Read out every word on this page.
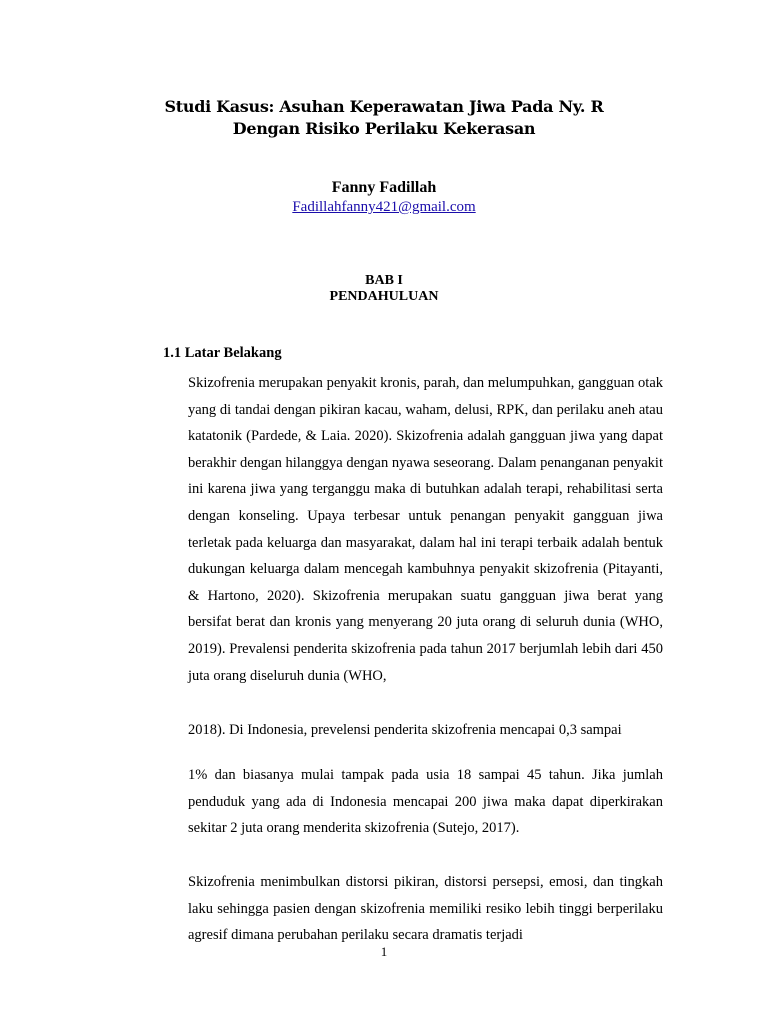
Studi Kasus: Asuhan Keperawatan Jiwa Pada Ny. R
Dengan Risiko Perilaku Kekerasan
Fanny Fadillah
Fadillahfanny421@gmail.com
BAB I
PENDAHULUAN
1.1 Latar Belakang
Skizofrenia merupakan penyakit kronis, parah, dan melumpuhkan, gangguan otak yang di tandai dengan pikiran kacau, waham, delusi, RPK, dan perilaku aneh atau katatonik (Pardede, & Laia. 2020). Skizofrenia adalah gangguan jiwa yang dapat berakhir dengan hilanggya dengan nyawa seseorang. Dalam penanganan penyakit ini karena jiwa yang terganggu maka di butuhkan adalah terapi, rehabilitasi serta dengan konseling. Upaya terbesar untuk penangan penyakit gangguan jiwa terletak pada keluarga dan masyarakat, dalam hal ini terapi terbaik adalah bentuk dukungan keluarga dalam mencegah kambuhnya penyakit skizofrenia (Pitayanti, & Hartono, 2020). Skizofrenia merupakan suatu gangguan jiwa berat yang bersifat berat dan kronis yang menyerang 20 juta orang di seluruh dunia (WHO, 2019). Prevalensi penderita skizofrenia pada tahun 2017 berjumlah lebih dari 450 juta orang diseluruh dunia (WHO,
2018). Di Indonesia, prevelensi penderita skizofrenia mencapai 0,3 sampai
1% dan biasanya mulai tampak pada usia 18 sampai 45 tahun. Jika jumlah penduduk yang ada di Indonesia mencapai 200 jiwa maka dapat diperkirakan sekitar 2 juta orang menderita skizofrenia (Sutejo, 2017).
Skizofrenia menimbulkan distorsi pikiran, distorsi persepsi, emosi, dan tingkah laku sehingga pasien dengan skizofrenia memiliki resiko lebih tinggi berperilaku agresif dimana perubahan perilaku secara dramatis terjadi
1
